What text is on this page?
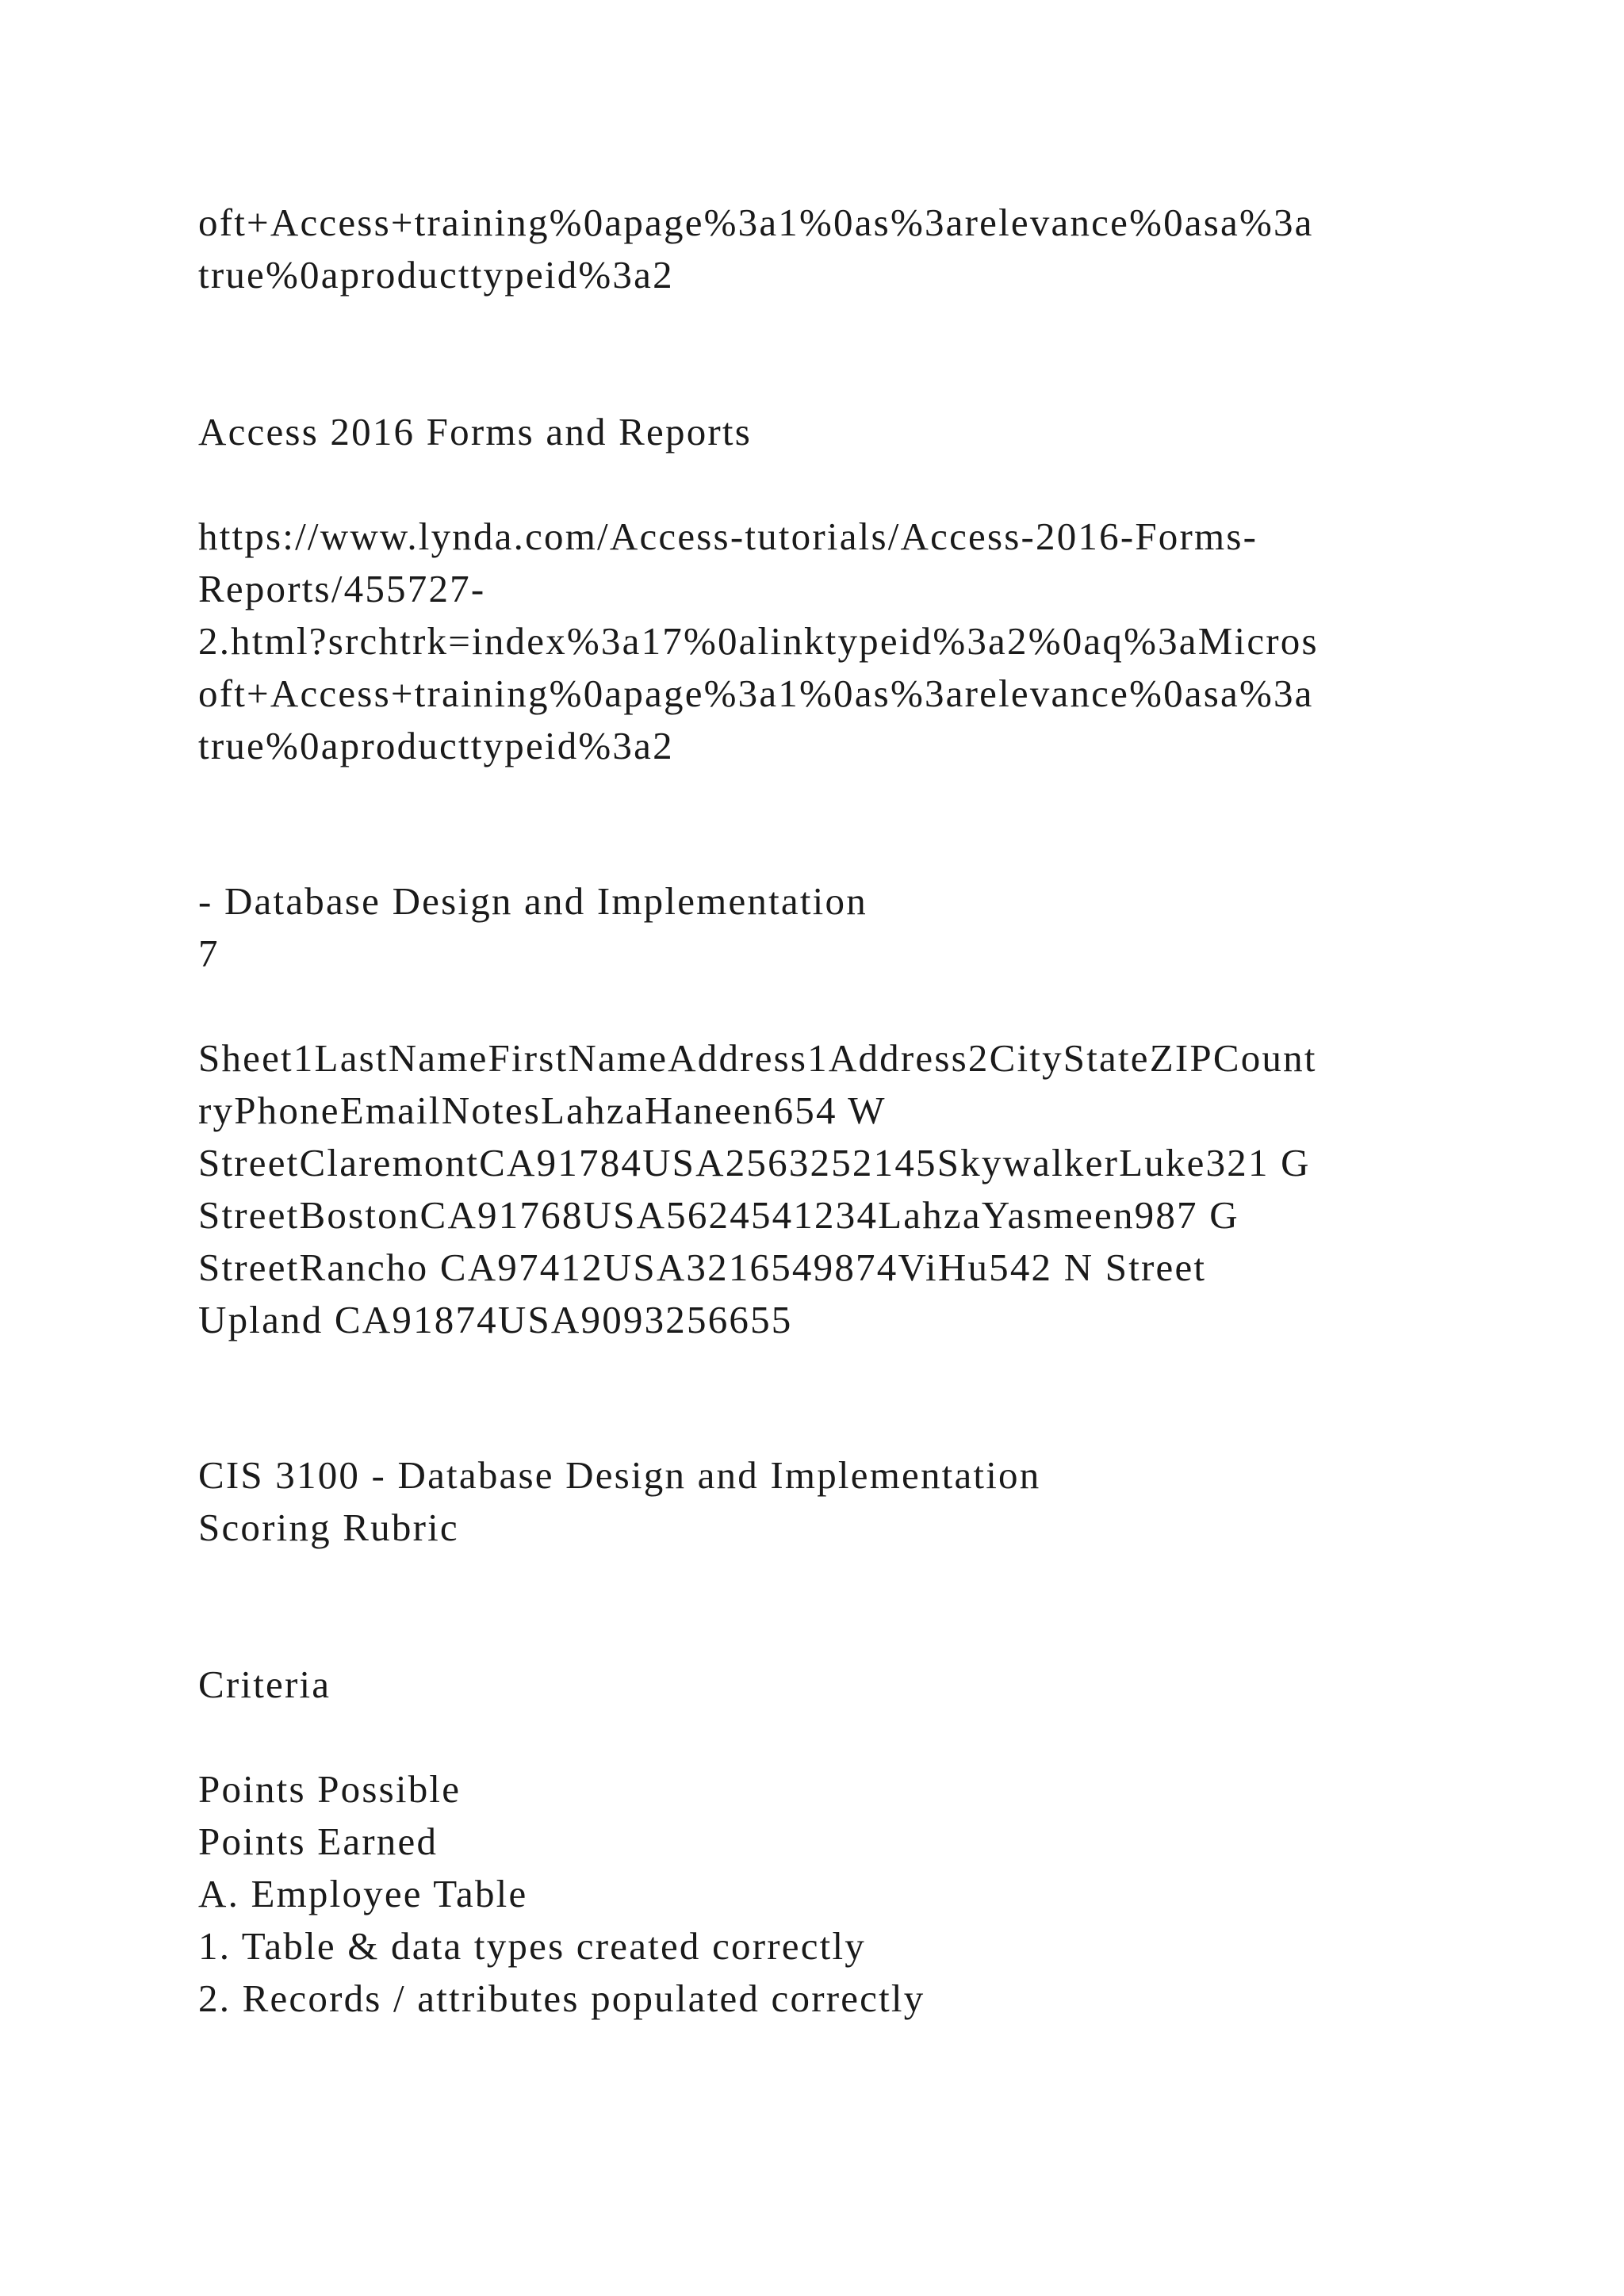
oft+Access+training%0apage%3a1%0as%3arelevance%0asa%3a
true%0aproducttypeid%3a2
Access 2016 Forms and Reports
https://www.lynda.com/Access-tutorials/Access-2016-Forms-
Reports/455727-
2.html?srchtrk=index%3a17%0alinktypeid%3a2%0aq%3aMicros
oft+Access+training%0apage%3a1%0as%3arelevance%0asa%3a
true%0aproducttypeid%3a2
- Database Design and Implementation
7
Sheet1LastNameFirstNameAddress1Address2CityStateZIPCount
ryPhoneEmailNotesLahzaHaneen654 W
StreetClaremontCA91784USA2563252145SkywalkerLuke321 G
StreetBostonCA91768USA5624541234LahzaYasmeen987 G
StreetRancho CA97412USA3216549874ViHu542 N Street
Upland CA91874USA9093256655
CIS 3100 - Database Design and Implementation
Scoring Rubric
Criteria
Points Possible
Points Earned
A. Employee Table
1. Table & data types created correctly
2. Records / attributes populated correctly
